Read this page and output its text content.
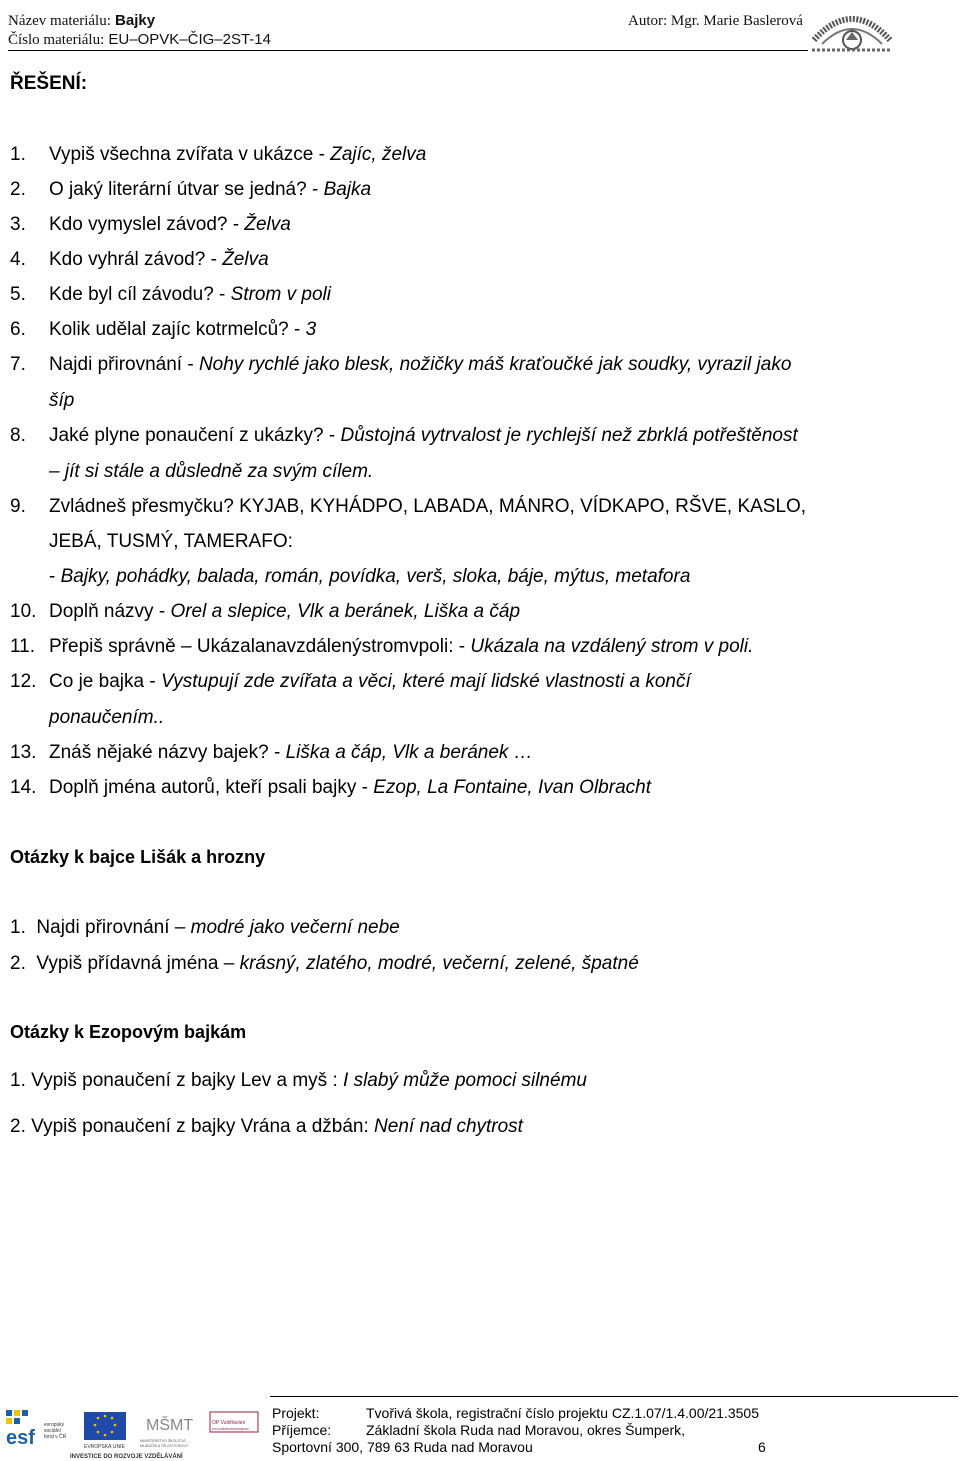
Název materiálu: Bajky
Číslo materiálu: EU–OPVK–ČIG–2ST-14
Autor: Mgr. Marie Baslerová
ŘEŠENÍ:
1. Vypiš všechna zvířata v ukázce - Zajíc, želva
2. O jaký literární útvar se jedná? - Bajka
3. Kdo vymyslel závod? - Želva
4. Kdo vyhrál závod? - Želva
5. Kde byl cíl závodu? - Strom v poli
6. Kolik udělal zajíc kotrmelců? - 3
7. Najdi přirovnání - Nohy rychlé jako blesk, nožičky máš kraťoučké jak soudky, vyrazil jako
šíp
8. Jaké plyne ponaučení z ukázky? - Důstojná vytrvalost je rychlejší než zbrklá potřeštěnost
– jít si stále a důsledně za svým cílem.
9. Zvládneš přesmyčku? KYJAB, KYHÁDPO, LABADA, MÁNRO, VÍDKAPO, RŠVE, KASLO,
JEBÁ, TUSMÝ, TAMERAFO:
- Bajky, pohádky, balada, román, povídka, verš, sloka, báje, mýtus, metafora
10. Doplň názvy - Orel a slepice, Vlk a beránek, Liška a čáp
11. Přepiš správně – Ukázalanavzdálenýstromvpoli: - Ukázala na vzdálený strom v poli.
12. Co je bajka - Vystupují zde zvířata a věci, které mají lidské vlastnosti a končí
ponaučením..
13. Znáš nějaké názvy bajek? - Liška a čáp, Vlk a beránek …
14. Doplň jména autorů, kteří psali bajky - Ezop, La Fontaine, Ivan Olbracht
Otázky k bajce Lišák a hrozny
1. Najdi přirovnání – modré jako večerní nebe
2. Vypiš přídavná jména – krásný, zlatého, modré, večerní, zelené, špatné
Otázky k Ezopovým bajkám
1. Vypiš ponaučení z bajky Lev a myš : I slabý může pomoci silnému
2. Vypiš ponaučení z bajky Vrána a džbán: Není nad chytrost
esf
evropský sociální fond v ČR
EVROPSKÁ UNIE
MŠMT
MINISTERSTVO ŠKOLSTVÍ,
MLÁDEŽE A TĚLOVÝCHOVY
OP Vzdělávání
pro konkurenceschopnost
INVESTICE DO ROZVOJE VZDĚLÁVÁNÍ
Projekt:	Tvořivá škola, registrační číslo projektu CZ.1.07/1.4.00/21.3505
Příjemce: Základní škola Ruda nad Moravou, okres Šumperk,
Sportovní 300, 789 63 Ruda nad Moravou	6
